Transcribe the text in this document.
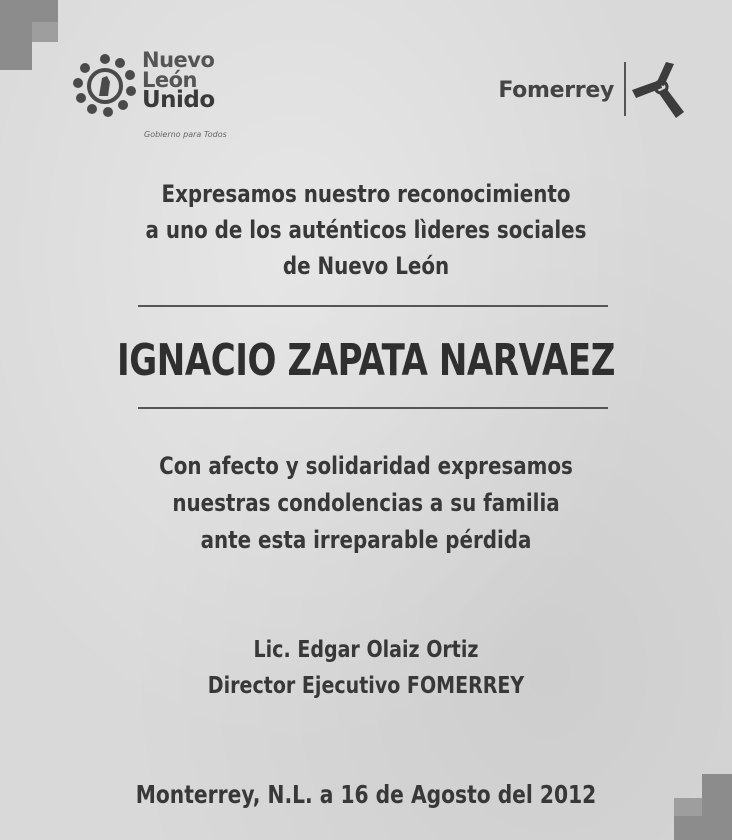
Nuevo
León
Unido
Gobierno para Todos
Fomerrey
Expresamos nuestro reconocimiento
a uno de los auténticos lìderes sociales
de Nuevo León
IGNACIO ZAPATA NARVAEZ
Con afecto y solidaridad expresamos
nuestras condolencias a su familia
ante esta irreparable pérdida
Lic. Edgar Olaiz Ortiz
Director Ejecutivo FOMERREY
Monterrey, N.L. a 16 de Agosto del 2012
